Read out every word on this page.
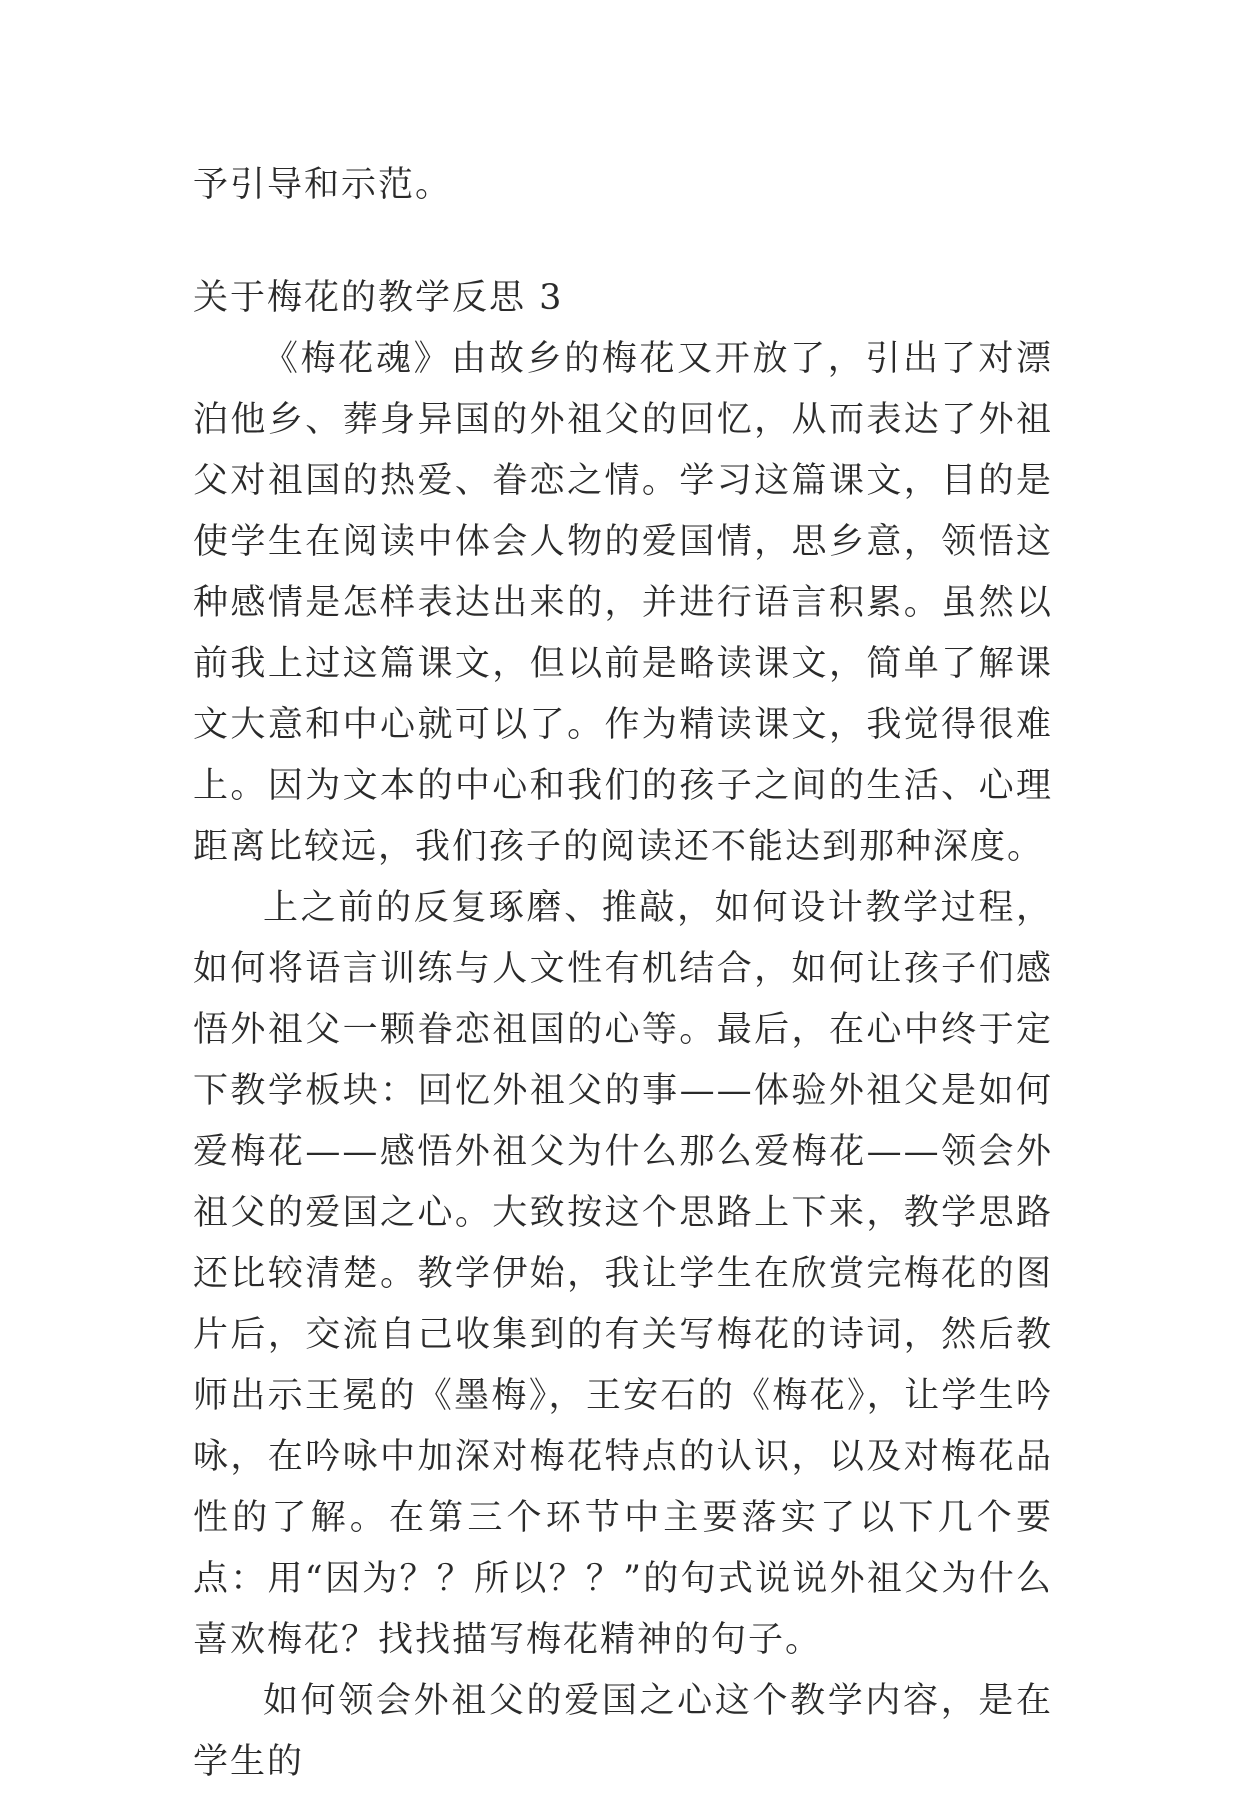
予引导和示范。
关于梅花的教学反思 3

《梅花魂》由故乡的梅花又开放了，引出了对漂泊他乡、葬身异国的外祖父的回忆，从而表达了外祖父对祖国的热爱、眷恋之情。学习这篇课文，目的是使学生在阅读中体会人物的爱国情，思乡意，领悟这种感情是怎样表达出来的，并进行语言积累。虽然以前我上过这篇课文，但以前是略读课文，简单了解课文大意和中心就可以了。作为精读课文，我觉得很难上。因为文本的中心和我们的孩子之间的生活、心理距离比较远，我们孩子的阅读还不能达到那种深度。

上之前的反复琢磨、推敲，如何设计教学过程，如何将语言训练与人文性有机结合，如何让孩子们感悟外祖父一颗眷恋祖国的心等。最后，在心中终于定下教学板块：回忆外祖父的事——体验外祖父是如何爱梅花——感悟外祖父为什么那么爱梅花——领会外祖父的爱国之心。大致按这个思路上下来，教学思路还比较清楚。教学伊始，我让学生在欣赏完梅花的图片后，交流自己收集到的有关写梅花的诗词，然后教师出示王冕的《墨梅》，王安石的《梅花》，让学生吟咏，在吟咏中加深对梅花特点的认识，以及对梅花品性的了解。在第三个环节中主要落实了以下几个要点：用“因为？？所以？？”的句式说说外祖父为什么喜欢梅花？找找描写梅花精神的句子。

如何领会外祖父的爱国之心这个教学内容，是在学生的
